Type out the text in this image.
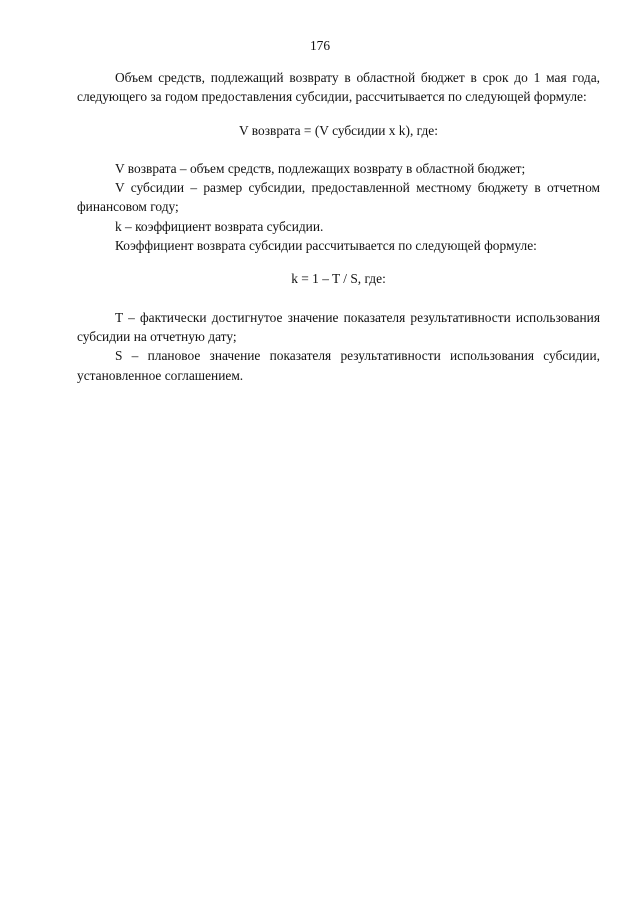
176

Объем средств, подлежащий возврату в областной бюджет в срок до 1 мая года, следующего за годом предоставления субсидии, рассчитывается по следующей формуле:

V возврата = (V субсидии х k), где:

V возврата – объем средств, подлежащих возврату в областной бюджет;

V субсидии – размер субсидии, предоставленной местному бюджету в отчетном финансовом году;

k – коэффициент возврата субсидии.

Коэффициент возврата субсидии рассчитывается по следующей формуле:

k = 1 – T / S, где:

T – фактически достигнутое значение показателя результативности использования субсидии на отчетную дату;

S – плановое значение показателя результативности использования субсидии, установленное соглашением.
